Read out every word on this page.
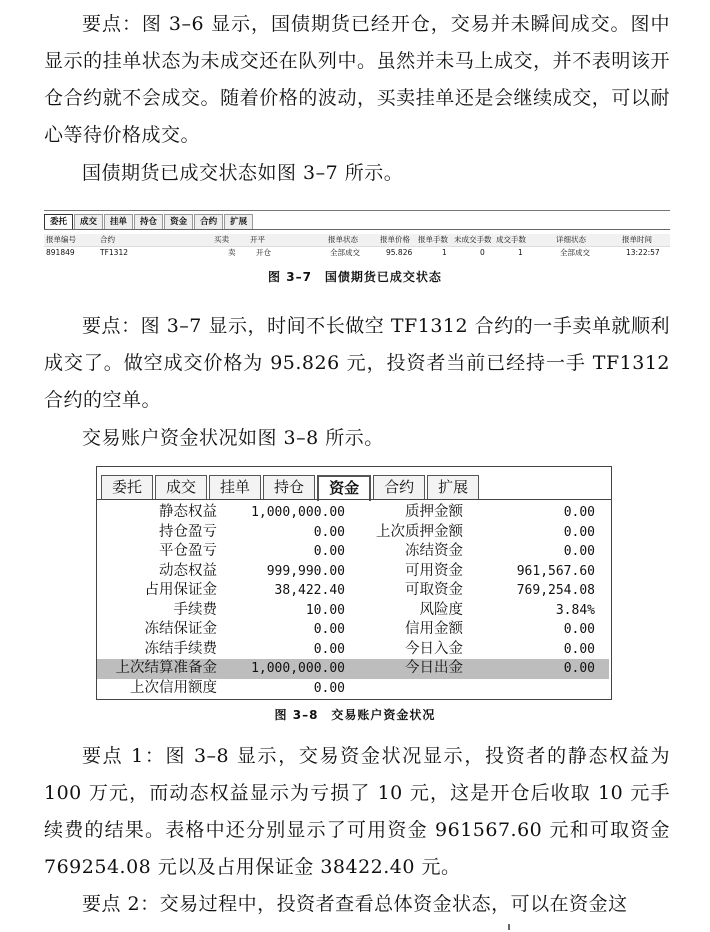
要点：图 3–6 显示，国债期货已经开仓，交易并未瞬间成交。图中显示的挂单状态为未成交还在队列中。虽然并未马上成交，并不表明该开仓合约就不会成交。随着价格的波动，买卖挂单还是会继续成交，可以耐心等待价格成交。

国债期货已成交状态如图 3–7 所示。

委托	成交	挂单	持仓	资金	合约	扩展
报单编号	合约	买卖	开平	报单状态	报单价格 报单手数 未成交手数 成交手数	详细状态	报单时间
891849	TF1312	卖	开仓	全部成交	95.826	1	0	1	全部成交	13:22:57
图 3–7　国债期货已成交状态

要点：图 3–7 显示，时间不长做空 TF1312 合约的一手卖单就顺利成交了。做空成交价格为 95.826 元，投资者当前已经持一手 TF1312 合约的空单。

交易账户资金状况如图 3–8 所示。

委托	成交	挂单	持仓	资金	合约	扩展
静态权益	1,000,000.00	质押金额	0.00
持仓盈亏	0.00 上次质押金额	0.00
平仓盈亏	0.00	冻结资金	0.00
动态权益	999,990.00	可用资金	961,567.60
占用保证金	38,422.40	可取资金	769,254.08
手续费	10.00	风险度	3.84%
冻结保证金	0.00	信用金额	0.00
冻结手续费	0.00	今日入金	0.00
上次结算准备金	1,000,000.00	今日出金	0.00
上次信用额度	0.00
图 3–8　交易账户资金状况

要点 1：图 3–8 显示，交易资金状况显示，投资者的静态权益为 100 万元，而动态权益显示为亏损了 10 元，这是开仓后收取 10 元手续费的结果。表格中还分别显示了可用资金 961567.60 元和可取资金 769254.08 元以及占用保证金 38422.40 元。

要点 2：交易过程中，投资者查看总体资金状态，可以在资金这
